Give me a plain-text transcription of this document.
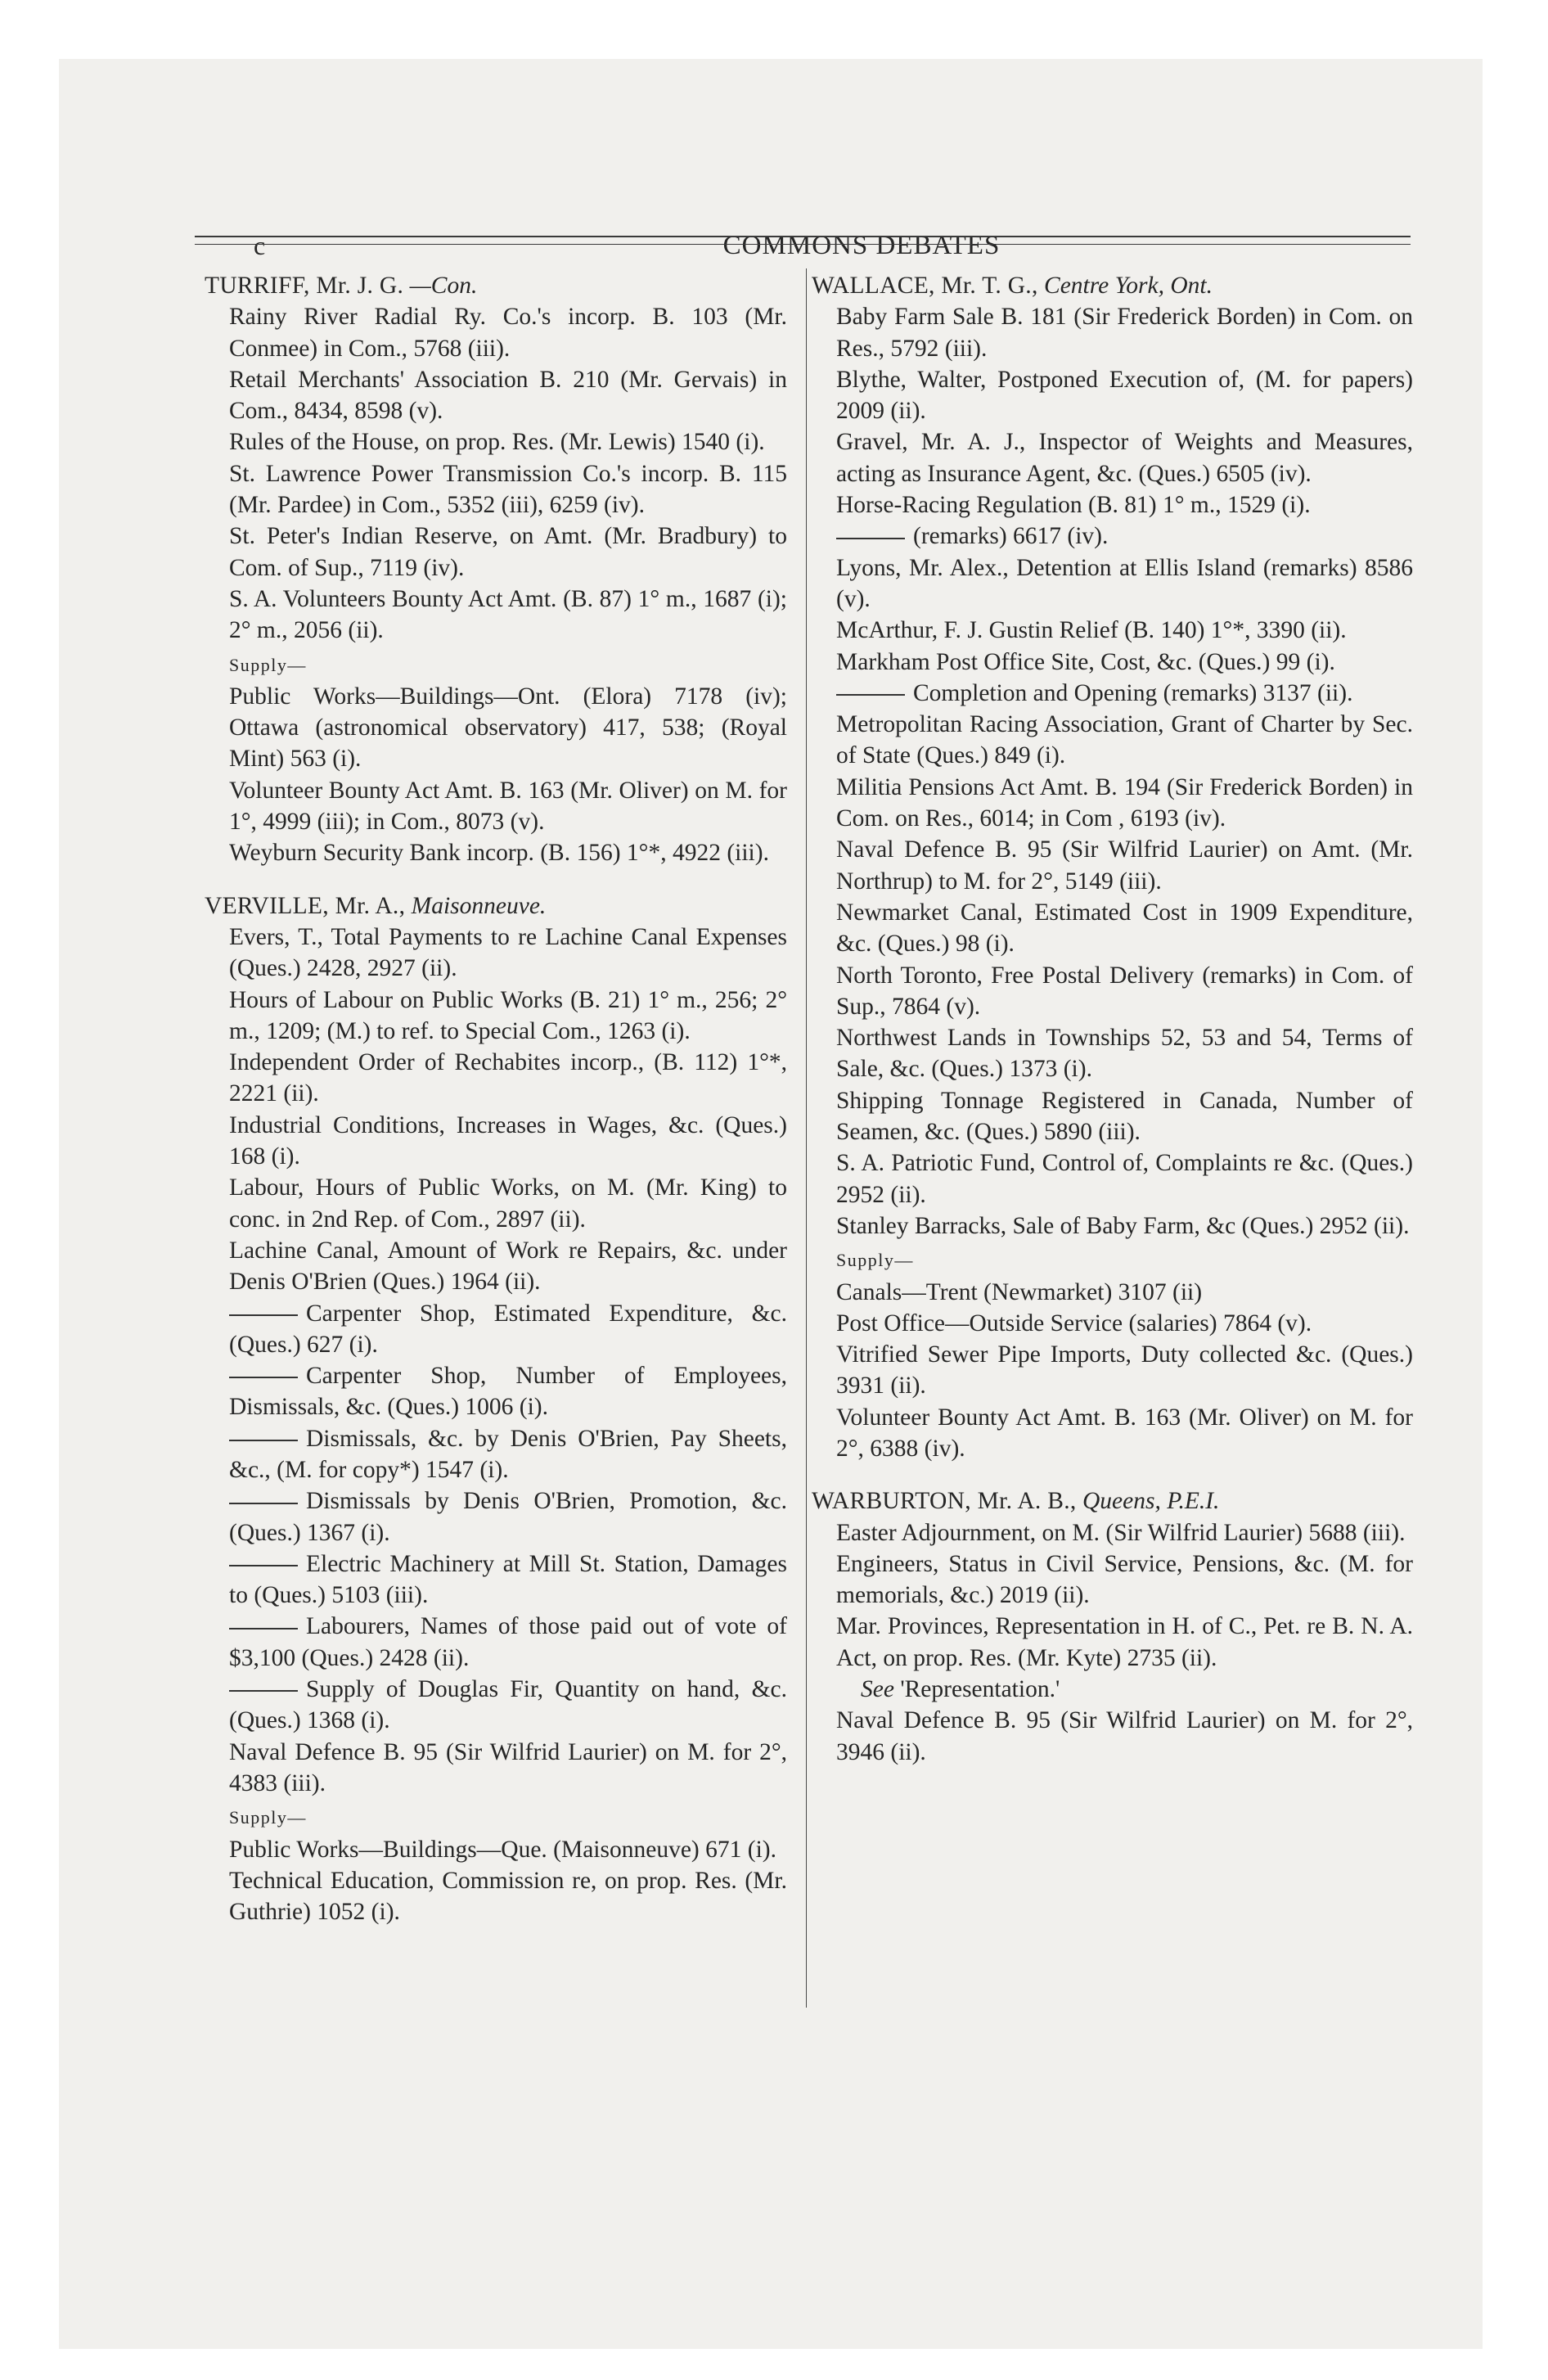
c	COMMONS DEBATES
TURRIFF, Mr. J. G. —Con.
Rainy River Radial Ry. Co.'s incorp. B. 103 (Mr. Conmee) in Com., 5768 (iii).
Retail Merchants' Association B. 210 (Mr. Gervais) in Com., 8434, 8598 (v).
Rules of the House, on prop. Res. (Mr. Lewis) 1540 (i).
St. Lawrence Power Transmission Co.'s incorp. B. 115 (Mr. Pardee) in Com., 5352 (iii), 6259 (iv).
St. Peter's Indian Reserve, on Amt. (Mr. Bradbury) to Com. of Sup., 7119 (iv).
S. A. Volunteers Bounty Act Amt. (B. 87) 1° m., 1687 (i); 2° m., 2056 (ii).
Supply—
Public Works—Buildings—Ont. (Elora) 7178 (iv); Ottawa (astronomical observatory) 417, 538; (Royal Mint) 563 (i).
Volunteer Bounty Act Amt. B. 163 (Mr. Oliver) on M. for 1°, 4999 (iii); in Com., 8073 (v).
Weyburn Security Bank incorp. (B. 156) 1°*, 4922 (iii).
VERVILLE, Mr. A., Maisonneuve.
Evers, T., Total Payments to re Lachine Canal Expenses (Ques.) 2428, 2927 (ii).
Hours of Labour on Public Works (B. 21) 1° m., 256; 2° m., 1209; (M.) to ref. to Special Com., 1263 (i).
Independent Order of Rechabites incorp., (B. 112) 1°*, 2221 (ii).
Industrial Conditions, Increases in Wages, &c. (Ques.) 168 (i).
Labour, Hours of Public Works, on M. (Mr. King) to conc. in 2nd Rep. of Com., 2897 (ii).
Lachine Canal, Amount of Work re Repairs, &c. under Denis O'Brien (Ques.) 1964 (ii).
Carpenter Shop, Estimated Expenditure, &c. (Ques.) 627 (i).
Carpenter Shop, Number of Employees, Dismissals, &c. (Ques.) 1006 (i).
Dismissals, &c. by Denis O'Brien, Pay Sheets, &c., (M. for copy*) 1547 (i).
Dismissals by Denis O'Brien, Promotion, &c. (Ques.) 1367 (i).
Electric Machinery at Mill St. Station, Damages to (Ques.) 5103 (iii).
Labourers, Names of those paid out of vote of $3,100 (Ques.) 2428 (ii).
Supply of Douglas Fir, Quantity on hand, &c. (Ques.) 1368 (i).
Naval Defence B. 95 (Sir Wilfrid Laurier) on M. for 2°, 4383 (iii).
Supply—
Public Works—Buildings—Que. (Maisonneuve) 671 (i).
Technical Education, Commission re, on prop. Res. (Mr. Guthrie) 1052 (i).
WALLACE, Mr. T. G., Centre York, Ont.
Baby Farm Sale B. 181 (Sir Frederick Borden) in Com. on Res., 5792 (iii).
Blythe, Walter, Postponed Execution of, (M. for papers) 2009 (ii).
Gravel, Mr. A. J., Inspector of Weights and Measures, acting as Insurance Agent, &c. (Ques.) 6505 (iv).
Horse-Racing Regulation (B. 81) 1° m., 1529 (i).
(remarks) 6617 (iv).
Lyons, Mr. Alex., Detention at Ellis Island (remarks) 8586 (v).
McArthur, F. J. Gustin Relief (B. 140) 1°*, 3390 (ii).
Markham Post Office Site, Cost, &c. (Ques.) 99 (i).
Completion and Opening (remarks) 3137 (ii).
Metropolitan Racing Association, Grant of Charter by Sec. of State (Ques.) 849 (i).
Militia Pensions Act Amt. B. 194 (Sir Frederick Borden) in Com. on Res., 6014; in Com , 6193 (iv).
Naval Defence B. 95 (Sir Wilfrid Laurier) on Amt. (Mr. Northrup) to M. for 2°, 5149 (iii).
Newmarket Canal, Estimated Cost in 1909 Expenditure, &c. (Ques.) 98 (i).
North Toronto, Free Postal Delivery (remarks) in Com. of Sup., 7864 (v).
Northwest Lands in Townships 52, 53 and 54, Terms of Sale, &c. (Ques.) 1373 (i).
Shipping Tonnage Registered in Canada, Number of Seamen, &c. (Ques.) 5890 (iii).
S. A. Patriotic Fund, Control of, Complaints re &c. (Ques.) 2952 (ii).
Stanley Barracks, Sale of Baby Farm, &c (Ques.) 2952 (ii).
Supply—
Canals—Trent (Newmarket) 3107 (ii)
Post Office—Outside Service (salaries) 7864 (v).
Vitrified Sewer Pipe Imports, Duty collected &c. (Ques.) 3931 (ii).
Volunteer Bounty Act Amt. B. 163 (Mr. Oliver) on M. for 2°, 6388 (iv).
WARBURTON, Mr. A. B., Queens, P.E.I.
Easter Adjournment, on M. (Sir Wilfrid Laurier) 5688 (iii).
Engineers, Status in Civil Service, Pensions, &c. (M. for memorials, &c.) 2019 (ii).
Mar. Provinces, Representation in H. of C., Pet. re B. N. A. Act, on prop. Res. (Mr. Kyte) 2735 (ii).
See 'Representation.'
Naval Defence B. 95 (Sir Wilfrid Laurier) on M. for 2°, 3946 (ii).
